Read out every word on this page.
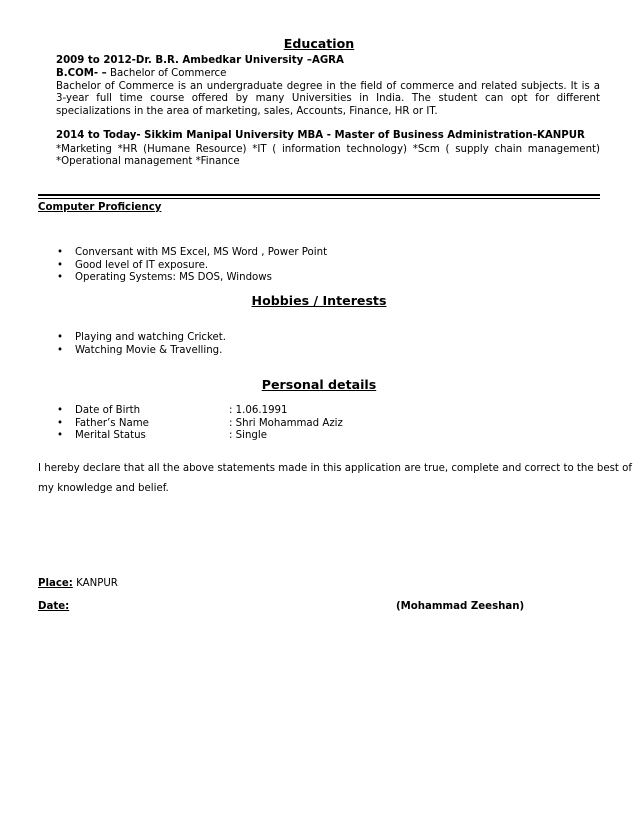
Education
2009 to 2012-Dr. B.R. Ambedkar University –AGRA
B.COM- – Bachelor of Commerce
Bachelor of Commerce is an undergraduate degree in the field of commerce and related subjects. It is a 3-year full time course offered by many Universities in India. The student can opt for different specializations in the area of marketing, sales, Accounts, Finance, HR or IT.
2014 to Today- Sikkim Manipal University MBA - Master of Business Administration-KANPUR
*Marketing *HR (Humane Resource) *IT ( information technology) *Scm ( supply chain management) *Operational management *Finance
Computer Proficiency
• Conversant with MS Excel, MS Word , Power Point
• Good level of IT exposure.
• Operating Systems: MS DOS, Windows
Hobbies / Interests
• Playing and watching Cricket.
• Watching Movie & Travelling.
Personal details
• Date of Birth	: 1.06.1991
• Father’s Name	: Shri Mohammad Aziz
• Merital Status	: Single
I hereby declare that all the above statements made in this application are true, complete and correct to the best of
my knowledge and belief.
Place: KANPUR
Date:	(Mohammad Zeeshan)
